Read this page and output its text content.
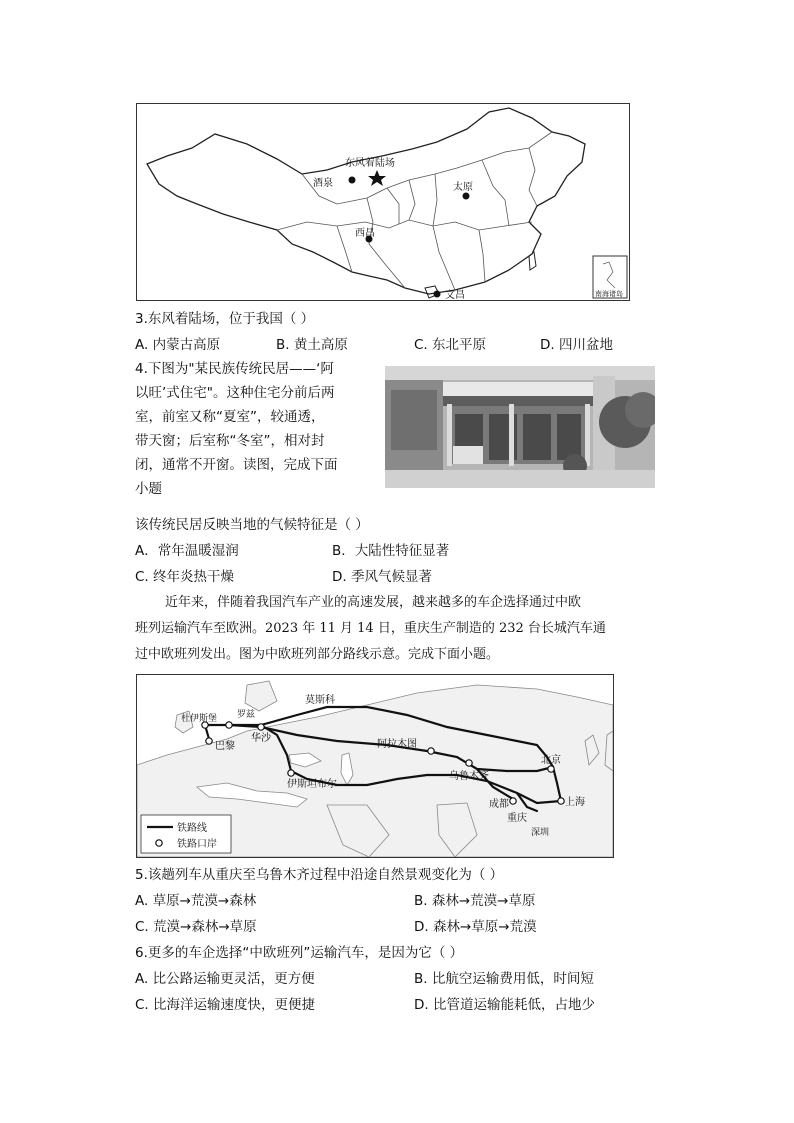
南海诸岛
东风着陆场
酒泉	太原
西昌
文昌
3.东风着陆场，位于我国（ ）
A. 内蒙古高原	B. 黄土高原	C. 东北平原	D. 四川盆地
4.下图为"某民族传统民居——‘阿
以旺’式住宅"。这种住宅分前后两
室，前室又称“夏室”，较通透，
带天窗；后室称“冬室”，相对封
闭，通常不开窗。读图，完成下面
小题
该传统民居反映当地的气候特征是（ ）
A．常年温暖湿润	B．大陆性特征显著
C. 终年炎热干燥	D. 季风气候显著
近年来，伴随着我国汽车产业的高速发展，越来越多的车企选择通过中欧
班列运输汽车至欧洲。2023 年 11 月 14 日，重庆生产制造的 232 台长城汽车通
过中欧班列发出。图为中欧班列部分路线示意。完成下面小题。
莫斯科
杜伊斯堡 罗兹
华沙
巴黎
伊斯坦布尔
阿拉木图
乌鲁木齐
北京
成都
重庆
上海
深圳
铁路线
铁路口岸
5.该趟列车从重庆至乌鲁木齐过程中沿途自然景观变化为（ ）
A. 草原→荒漠→森林	B. 森林→荒漠→草原
C. 荒漠→森林→草原	D. 森林→草原→荒漠
6.更多的车企选择“中欧班列”运输汽车，是因为它（ ）
A. 比公路运输更灵活，更方便	B. 比航空运输费用低，时间短
C. 比海洋运输速度快，更便捷	D. 比管道运输能耗低，占地少
